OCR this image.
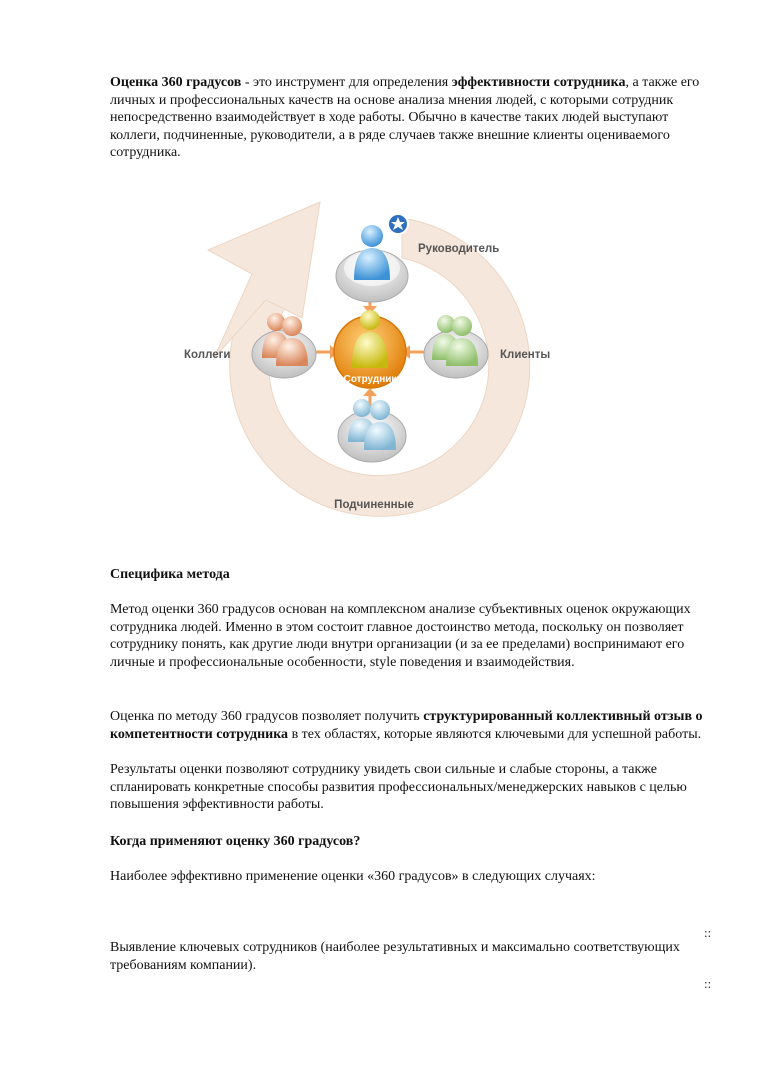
Оценка 360 градусов - это инструмент для определения эффективности сотрудника, а также его личных и профессиональных качеств на основе анализа мнения людей, с которыми сотрудник непосредственно взаимодействует в ходе работы. Обычно в качестве таких людей выступают коллеги, подчиненные, руководители, а в ряде случаев также внешние клиенты оцениваемого сотрудника.

Руководитель
Сотрудник
Коллеги	Клиенты
Подчиненные

Специфика метода

Метод оценки 360 градусов основан на комплексном анализе субъективных оценок окружающих сотрудника людей. Именно в этом состоит главное достоинство метода, поскольку он позволяет сотруднику понять, как другие люди внутри организации (и за ее пределами) воспринимают его личные и профессиональные особенности, style поведения и взаимодействия.

Оценка по методу 360 градусов позволяет получить структурированный коллективный отзыв о компетентности сотрудника в тех областях, которые являются ключевыми для успешной работы.

Результаты оценки позволяют сотруднику увидеть свои сильные и слабые стороны, а также спланировать конкретные способы развития профессиональных/менеджерских навыков с целью повышения эффективности работы.

Когда применяют оценку 360 градусов?

Наиболее эффективно применение оценки «360 градусов» в следующих случаях:

::

Выявление ключевых сотрудников (наиболее результативных и максимально соответствующих требованиям компании).

::
